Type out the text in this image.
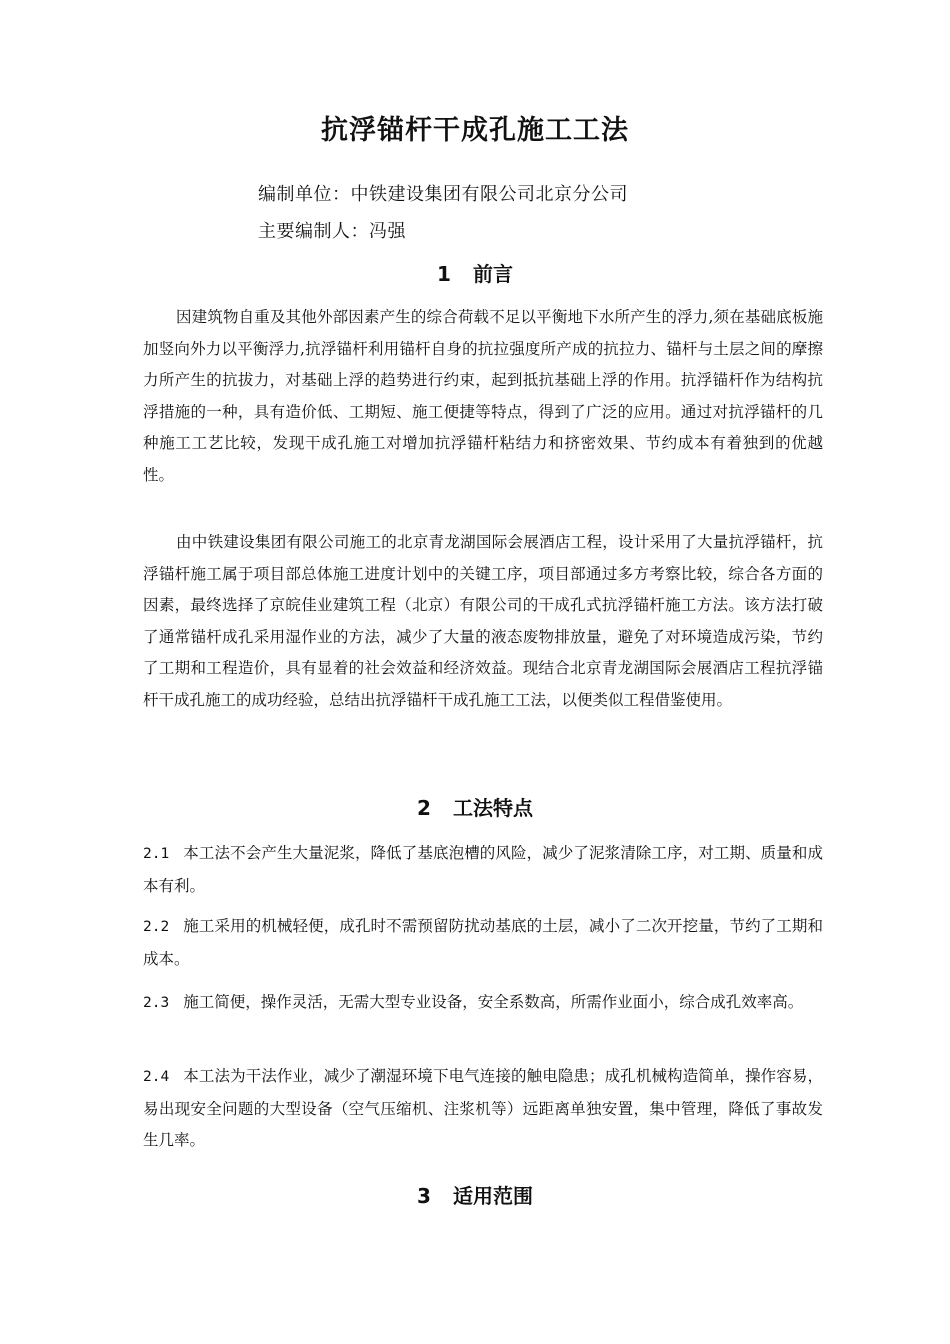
抗浮锚杆干成孔施工工法
编制单位：中铁建设集团有限公司北京分公司
主要编制人：冯强
1 前言
因建筑物自重及其他外部因素产生的综合荷载不足以平衡地下水所产生的浮力,须在基础底板施加竖向外力以平衡浮力,抗浮锚杆利用锚杆自身的抗拉强度所产成的抗拉力、锚杆与土层之间的摩擦力所产生的抗拔力，对基础上浮的趋势进行约束，起到抵抗基础上浮的作用。抗浮锚杆作为结构抗浮措施的一种，具有造价低、工期短、施工便捷等特点，得到了广泛的应用。通过对抗浮锚杆的几种施工工艺比较，发现干成孔施工对增加抗浮锚杆粘结力和挤密效果、节约成本有着独到的优越性。
由中铁建设集团有限公司施工的北京青龙湖国际会展酒店工程，设计采用了大量抗浮锚杆，抗浮锚杆施工属于项目部总体施工进度计划中的关键工序，项目部通过多方考察比较，综合各方面的因素，最终选择了京皖佳业建筑工程（北京）有限公司的干成孔式抗浮锚杆施工方法。该方法打破了通常锚杆成孔采用湿作业的方法，减少了大量的液态废物排放量，避免了对环境造成污染，节约了工期和工程造价，具有显着的社会效益和经济效益。现结合北京青龙湖国际会展酒店工程抗浮锚杆干成孔施工的成功经验，总结出抗浮锚杆干成孔施工工法，以便类似工程借鉴使用。
2 工法特点
2.1 本工法不会产生大量泥浆，降低了基底泡槽的风险，减少了泥浆清除工序，对工期、质量和成本有利。
2.2 施工采用的机械轻便，成孔时不需预留防扰动基底的土层，减小了二次开挖量，节约了工期和成本。
2.3 施工简便，操作灵活，无需大型专业设备，安全系数高，所需作业面小，综合成孔效率高。
2.4 本工法为干法作业，减少了潮湿环境下电气连接的触电隐患；成孔机械构造简单，操作容易，易出现安全问题的大型设备（空气压缩机、注浆机等）远距离单独安置，集中管理，降低了事故发生几率。
3 适用范围
